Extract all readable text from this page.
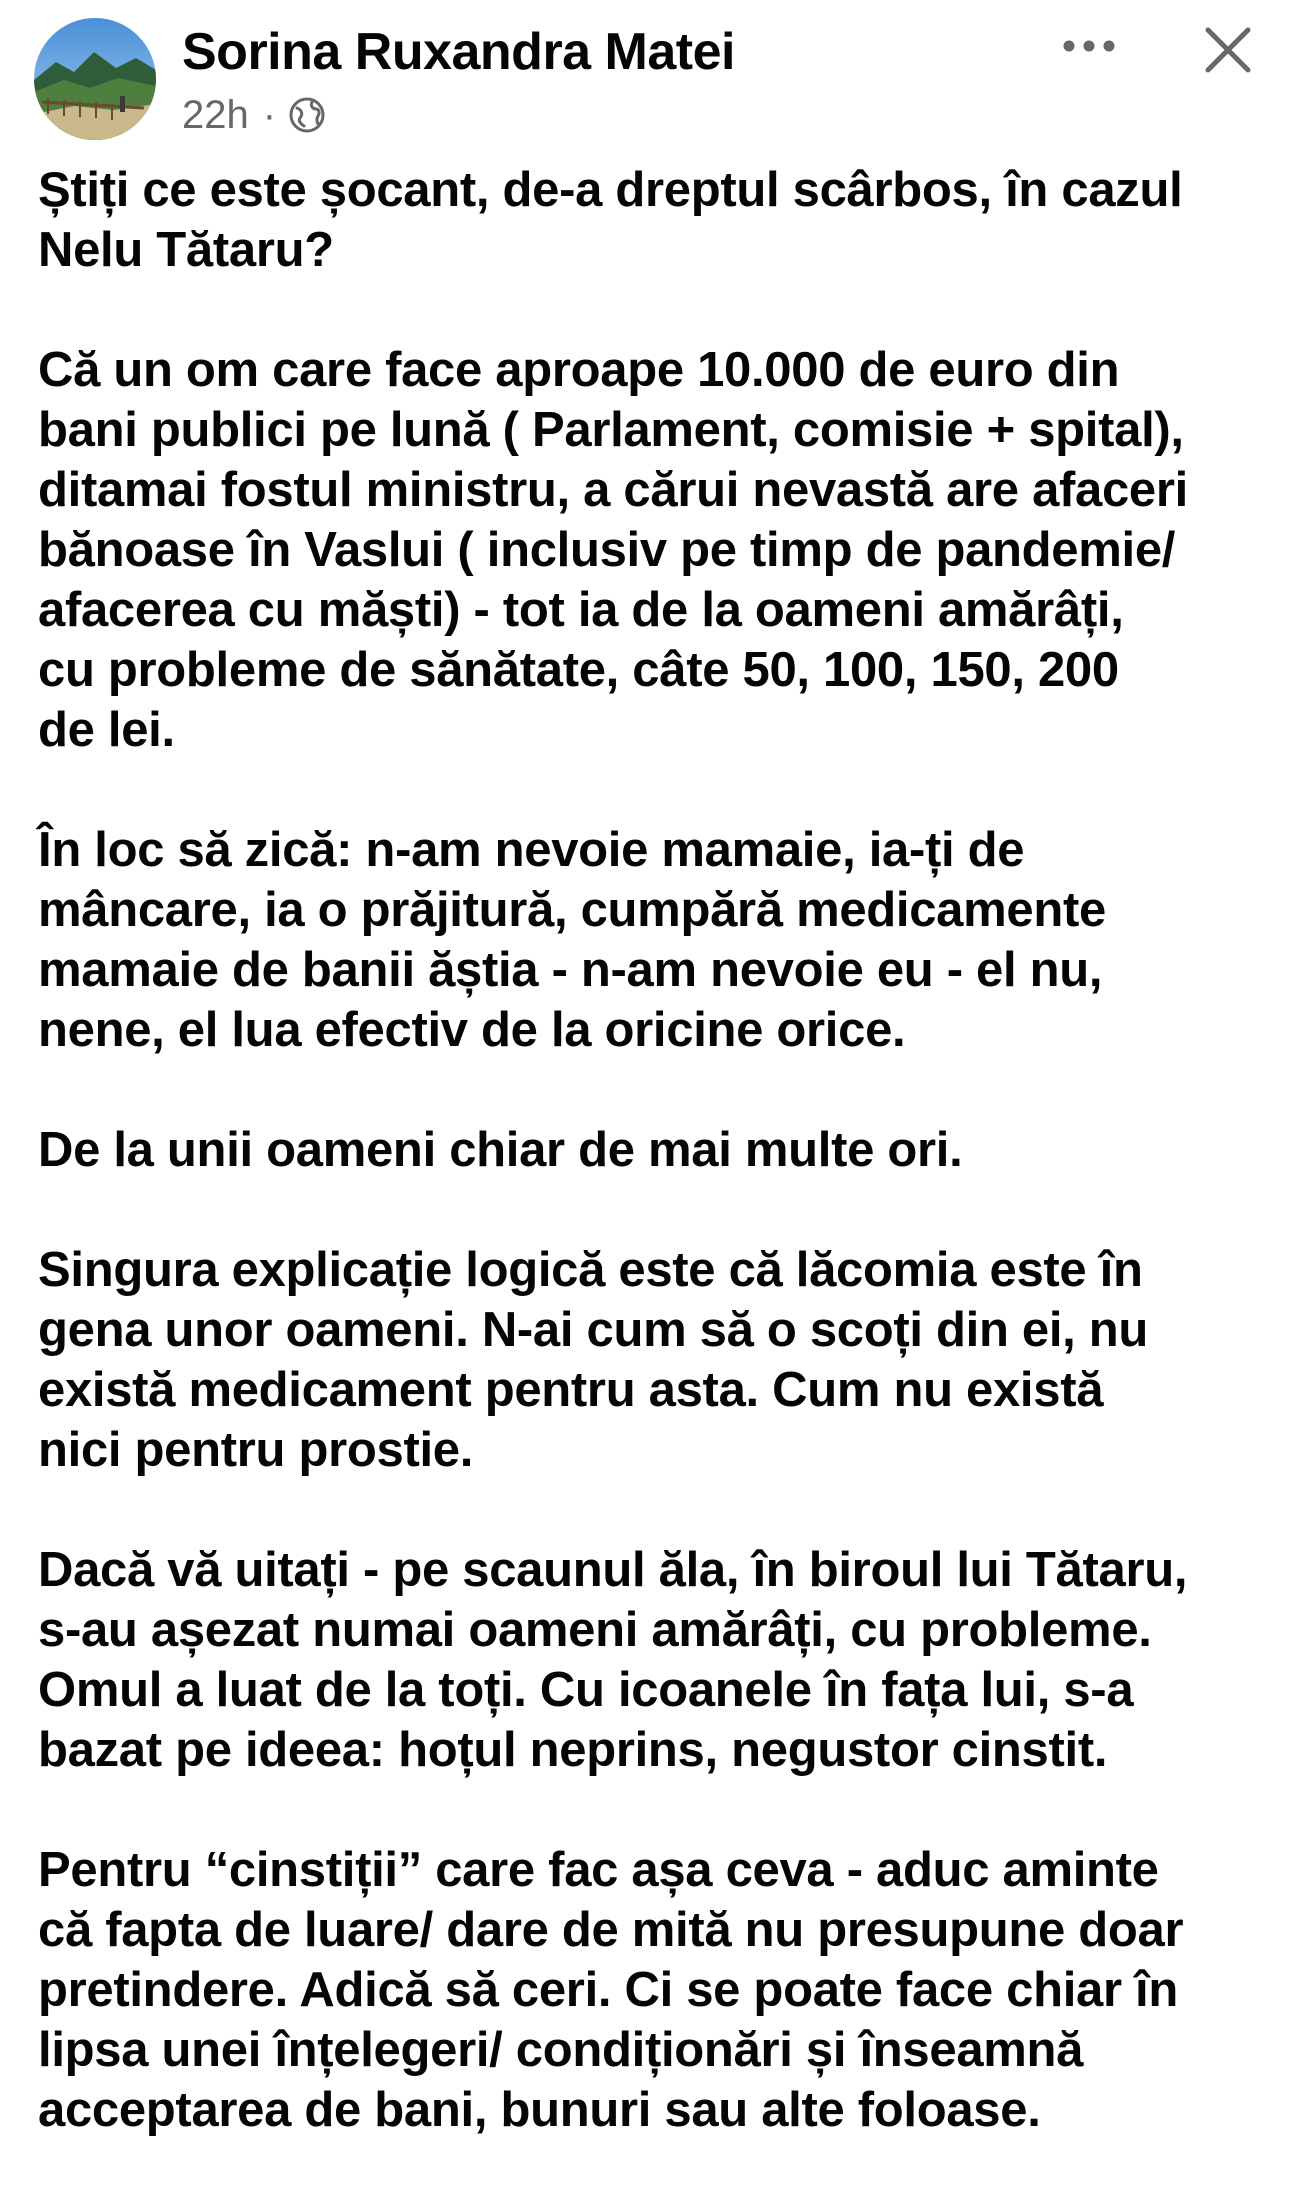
Sorina Ruxandra Matei
22h ·

Știți ce este șocant, de-a dreptul scârbos, în cazul
Nelu Tătaru?

Că un om care face aproape 10.000 de euro din
bani publici pe lună ( Parlament, comisie + spital),
ditamai fostul ministru, a cărui nevastă are afaceri
bănoase în Vaslui ( inclusiv pe timp de pandemie/
afacerea cu măști) - tot ia de la oameni amărâți,
cu probleme de sănătate, câte 50, 100, 150, 200
de lei.

În loc să zică: n-am nevoie mamaie, ia-ți de
mâncare, ia o prăjitură, cumpără medicamente
mamaie de banii ăștia - n-am nevoie eu - el nu,
nene, el lua efectiv de la oricine orice.

De la unii oameni chiar de mai multe ori.

Singura explicație logică este că lăcomia este în
gena unor oameni. N-ai cum să o scoți din ei, nu
există medicament pentru asta. Cum nu există
nici pentru prostie.

Dacă vă uitați - pe scaunul ăla, în biroul lui Tătaru,
s-au așezat numai oameni amărâți, cu probleme.
Omul a luat de la toți. Cu icoanele în fața lui, s-a
bazat pe ideea: hoțul neprins, negustor cinstit.

Pentru “cinstiții” care fac așa ceva - aduc aminte
că fapta de luare/ dare de mită nu presupune doar
pretindere. Adică să ceri. Ci se poate face chiar în
lipsa unei înțelegeri/ condiționări și înseamnă
acceptarea de bani, bunuri sau alte foloase.
